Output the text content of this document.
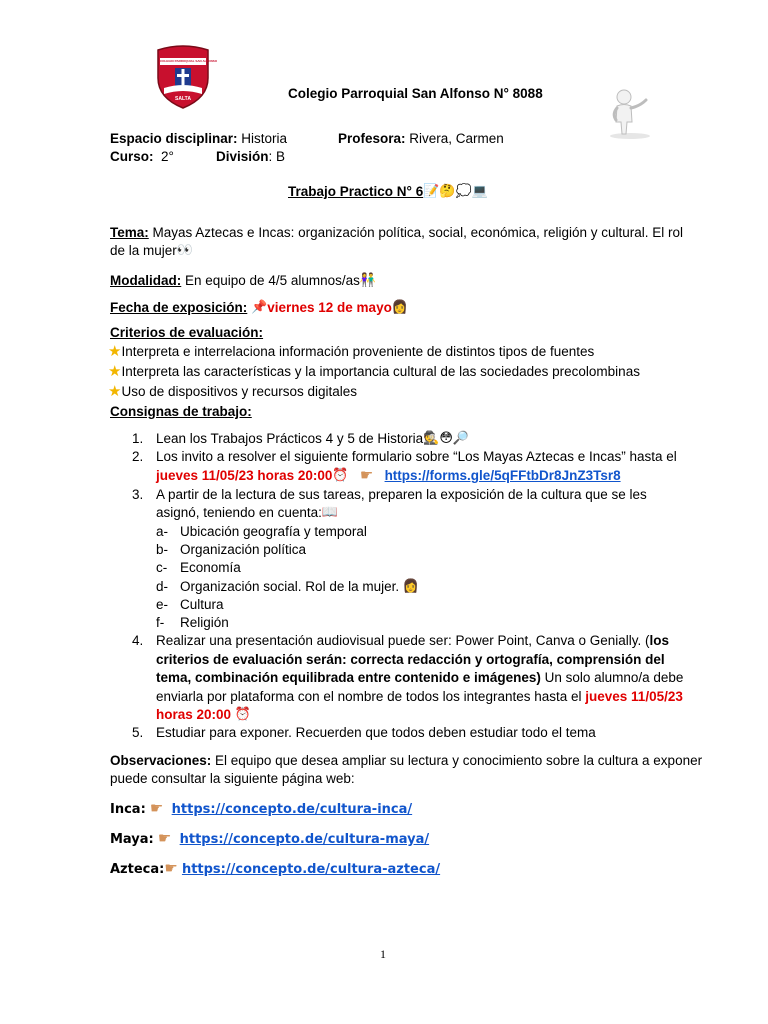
COLEGIO PARROQUIAL SAN ALFONSO
SALTA	Colegio Parroquial San Alfonso N° 8088
Espacio disciplinar: Historia	Profesora: Rivera, Carmen
Curso: 2°	División: B
Trabajo Practico N° 6📝🤔💭💻
Tema: Mayas Aztecas e Incas: organización política, social, económica, religión y cultural. El rol
de la mujer👀
Modalidad: En equipo de 4/5 alumnos/as👫
Fecha de exposición: 📌viernes 12 de mayo👩
Criterios de evaluación:
★Interpreta e interrelaciona información proveniente de distintos tipos de fuentes
★Interpreta las características y la importancia cultural de las sociedades precolombinas
★Uso de dispositivos y recursos digitales
Consignas de trabajo:
1. Lean los Trabajos Prácticos 4 y 5 de Historia🕵😳🔎
2. Los invito a resolver el siguiente formulario sobre “Los Mayas Aztecas e Incas” hasta el
jueves 11/05/23 horas 20:00⏰ ☛ https://forms.gle/5qFFtbDr8JnZ3Tsr8
3. A partir de la lectura de sus tareas, preparen la exposición de la cultura que se les
asignó, teniendo en cuenta:📖
a- Ubicación geografía y temporal
b- Organización política
c- Economía
d- Organización social. Rol de la mujer. 👩
e- Cultura
f- Religión
4. Realizar una presentación audiovisual puede ser: Power Point, Canva o Genially. (los
criterios de evaluación serán: correcta redacción y ortografía, comprensión del
tema, combinación equilibrada entre contenido e imágenes) Un solo alumno/a debe
enviarla por plataforma con el nombre de todos los integrantes hasta el jueves 11/05/23
horas 20:00 ⏰
5. Estudiar para exponer. Recuerden que todos deben estudiar todo el tema
Observaciones: El equipo que desea ampliar su lectura y conocimiento sobre la cultura a exponer
puede consultar la siguiente página web:
Inca: ☛ https://concepto.de/cultura-inca/
Maya: ☛ https://concepto.de/cultura-maya/
Azteca:☛ https://concepto.de/cultura-azteca/
1
